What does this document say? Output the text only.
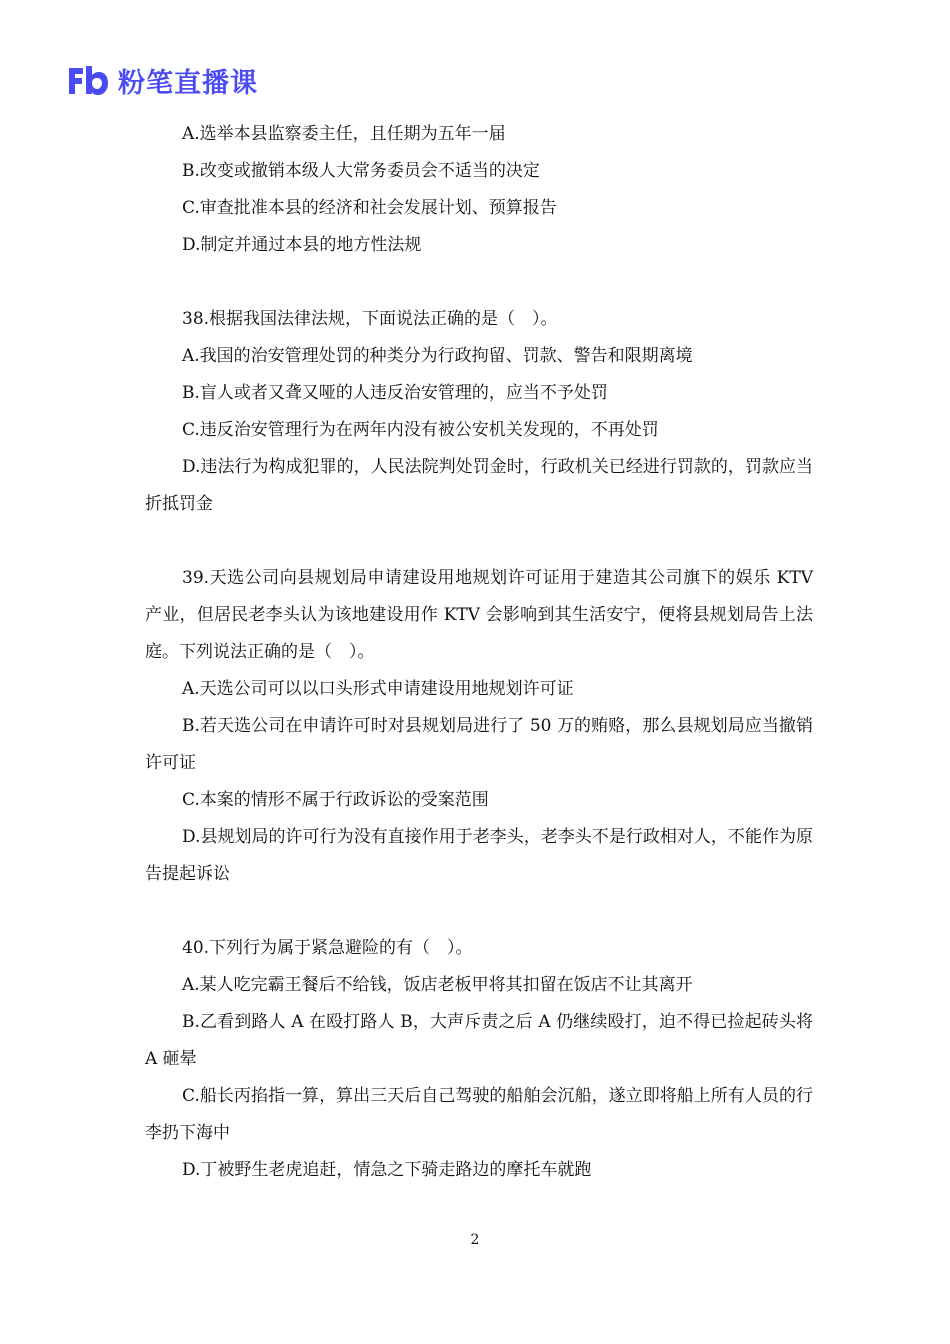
粉笔直播课
A.选举本县监察委主任，且任期为五年一届
B.改变或撤销本级人大常务委员会不适当的决定
C.审查批准本县的经济和社会发展计划、预算报告
D.制定并通过本县的地方性法规
38.根据我国法律法规，下面说法正确的是（　）。
A.我国的治安管理处罚的种类分为行政拘留、罚款、警告和限期离境
B.盲人或者又聋又哑的人违反治安管理的，应当不予处罚
C.违反治安管理行为在两年内没有被公安机关发现的，不再处罚
D.违法行为构成犯罪的，人民法院判处罚金时，行政机关已经进行罚款的，罚款应当折抵罚金
39.天选公司向县规划局申请建设用地规划许可证用于建造其公司旗下的娱乐 KTV 产业，但居民老李头认为该地建设用作 KTV 会影响到其生活安宁，便将县规划局告上法庭。下列说法正确的是（　）。
A.天选公司可以以口头形式申请建设用地规划许可证
B.若天选公司在申请许可时对县规划局进行了 50 万的贿赂，那么县规划局应当撤销许可证
C.本案的情形不属于行政诉讼的受案范围
D.县规划局的许可行为没有直接作用于老李头，老李头不是行政相对人，不能作为原告提起诉讼
40.下列行为属于紧急避险的有（　）。
A.某人吃完霸王餐后不给钱，饭店老板甲将其扣留在饭店不让其离开
B.乙看到路人 A 在殴打路人 B，大声斥责之后 A 仍继续殴打，迫不得已捡起砖头将 A 砸晕
C.船长丙掐指一算，算出三天后自己驾驶的船舶会沉船，遂立即将船上所有人员的行李扔下海中
D.丁被野生老虎追赶，情急之下骑走路边的摩托车就跑
2
